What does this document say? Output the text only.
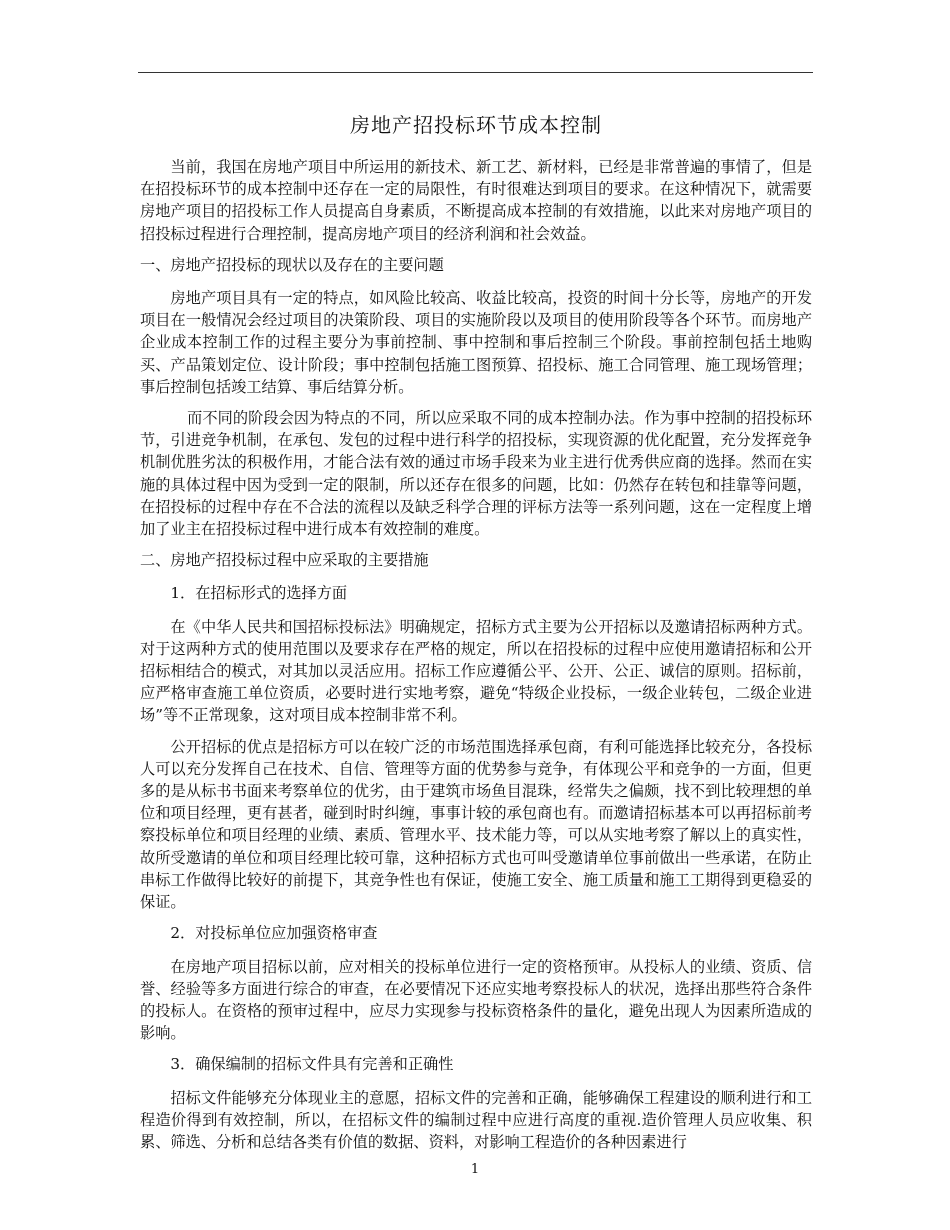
房地产招投标环节成本控制

当前，我国在房地产项目中所运用的新技术、新工艺、新材料，已经是非常普遍的事情了，但是在招投标环节的成本控制中还存在一定的局限性，有时很难达到项目的要求。在这种情况下，就需要房地产项目的招投标工作人员提高自身素质，不断提高成本控制的有效措施，以此来对房地产项目的招投标过程进行合理控制，提高房地产项目的经济利润和社会效益。

一、房地产招投标的现状以及存在的主要问题

房地产项目具有一定的特点，如风险比较高、收益比较高，投资的时间十分长等，房地产的开发项目在一般情况会经过项目的决策阶段、项目的实施阶段以及项目的使用阶段等各个环节。而房地产企业成本控制工作的过程主要分为事前控制、事中控制和事后控制三个阶段。事前控制包括土地购买、产品策划定位、设计阶段；事中控制包括施工图预算、招投标、施工合同管理、施工现场管理；事后控制包括竣工结算、事后结算分析。

而不同的阶段会因为特点的不同，所以应采取不同的成本控制办法。作为事中控制的招投标环节，引进竞争机制，在承包、发包的过程中进行科学的招投标，实现资源的优化配置，充分发挥竞争机制优胜劣汰的积极作用，才能合法有效的通过市场手段来为业主进行优秀供应商的选择。然而在实施的具体过程中因为受到一定的限制，所以还存在很多的问题，比如：仍然存在转包和挂靠等问题，在招投标的过程中存在不合法的流程以及缺乏科学合理的评标方法等一系列问题，这在一定程度上增加了业主在招投标过程中进行成本有效控制的难度。

二、房地产招投标过程中应采取的主要措施
1．在招标形式的选择方面

在《中华人民共和国招标投标法》明确规定，招标方式主要为公开招标以及邀请招标两种方式。对于这两种方式的使用范围以及要求存在严格的规定，所以在招投标的过程中应使用邀请招标和公开招标相结合的模式，对其加以灵活应用。招标工作应遵循公平、公开、公正、诚信的原则。招标前，应严格审查施工单位资质，必要时进行实地考察，避免“特级企业投标，一级企业转包，二级企业进场”等不正常现象，这对项目成本控制非常不利。

公开招标的优点是招标方可以在较广泛的市场范围选择承包商，有利可能选择比较充分，各投标人可以充分发挥自己在技术、自信、管理等方面的优势参与竞争，有体现公平和竞争的一方面，但更多的是从标书书面来考察单位的优劣，由于建筑市场鱼目混珠，经常失之偏颇，找不到比较理想的单位和项目经理，更有甚者，碰到时时纠缠，事事计较的承包商也有。而邀请招标基本可以再招标前考察投标单位和项目经理的业绩、素质、管理水平、技术能力等，可以从实地考察了解以上的真实性，故所受邀请的单位和项目经理比较可靠，这种招标方式也可叫受邀请单位事前做出一些承诺，在防止串标工作做得比较好的前提下，其竞争性也有保证，使施工安全、施工质量和施工工期得到更稳妥的保证。

2．对投标单位应加强资格审查

在房地产项目招标以前，应对相关的投标单位进行一定的资格预审。从投标人的业绩、资质、信誉、经验等多方面进行综合的审查，在必要情况下还应实地考察投标人的状况，选择出那些符合条件的投标人。在资格的预审过程中，应尽力实现参与投标资格条件的量化，避免出现人为因素所造成的影响。

3．确保编制的招标文件具有完善和正确性

招标文件能够充分体现业主的意愿，招标文件的完善和正确，能够确保工程建设的顺利进行和工程造价得到有效控制，所以，在招标文件的编制过程中应进行高度的重视.造价管理人员应收集、积累、筛选、分析和总结各类有价值的数据、资料，对影响工程造价的各种因素进行

1
